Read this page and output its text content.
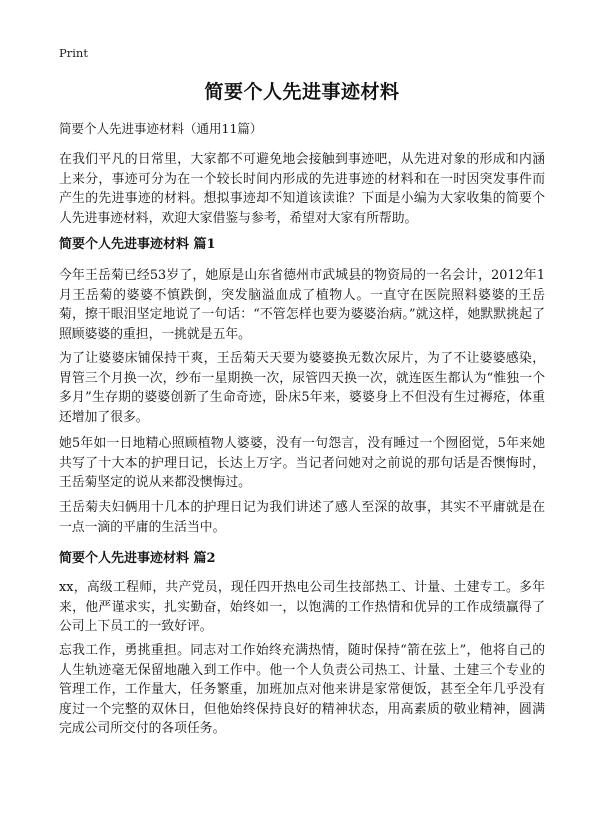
Print
简要个人先进事迹材料
简要个人先进事迹材料（通用11篇）

在我们平凡的日常里，大家都不可避免地会接触到事迹吧，从先进对象的形成和内涵上来分，事迹可分为在一个较长时间内形成的先进事迹的材料和在一时因突发事件而产生的先进事迹的材料。想拟事迹却不知道该读谁？下面是小编为大家收集的简要个人先进事迹材料，欢迎大家借鉴与参考，希望对大家有所帮助。

简要个人先进事迹材料 篇1

今年王岳菊已经53岁了，她原是山东省德州市武城县的物资局的一名会计，2012年1月王岳菊的婆婆不慎跌倒，突发脑溢血成了植物人。一直守在医院照料婆婆的王岳菊，擦干眼泪坚定地说了一句话：“不管怎样也要为婆婆治病。”就这样，她默默挑起了照顾婆婆的重担，一挑就是五年。

为了让婆婆床铺保持干爽，王岳菊天天要为婆婆换无数次尿片，为了不让婆婆感染，胃管三个月换一次，纱布一星期换一次，尿管四天换一次，就连医生都认为“惟独一个多月”生存期的婆婆创新了生命奇迹，卧床5年来，婆婆身上不但没有生过褥疮，体重还增加了很多。

她5年如一日地精心照顾植物人婆婆，没有一句怨言，没有睡过一个囫囵觉，5年来她共写了十大本的护理日记，长达上万字。当记者问她对之前说的那句话是否懊悔时，王岳菊坚定的说从来都没懊悔过。

王岳菊夫妇俩用十几本的护理日记为我们讲述了感人至深的故事，其实不平庸就是在一点一滴的平庸的生活当中。

简要个人先进事迹材料 篇2

xx，高级工程师，共产党员，现任四开热电公司生技部热工、计量、土建专工。多年来，他严谨求实，扎实勤奋，始终如一，以饱满的工作热情和优异的工作成绩赢得了公司上下员工的一致好评。

忘我工作，勇挑重担。同志对工作始终充满热情，随时保持“箭在弦上”，他将自己的人生轨迹毫无保留地融入到工作中。他一个人负责公司热工、计量、土建三个专业的管理工作，工作量大，任务繁重，加班加点对他来讲是家常便饭，甚至全年几乎没有度过一个完整的双休日，但他始终保持良好的精神状态，用高素质的敬业精神，圆满完成公司所交付的各项任务。
